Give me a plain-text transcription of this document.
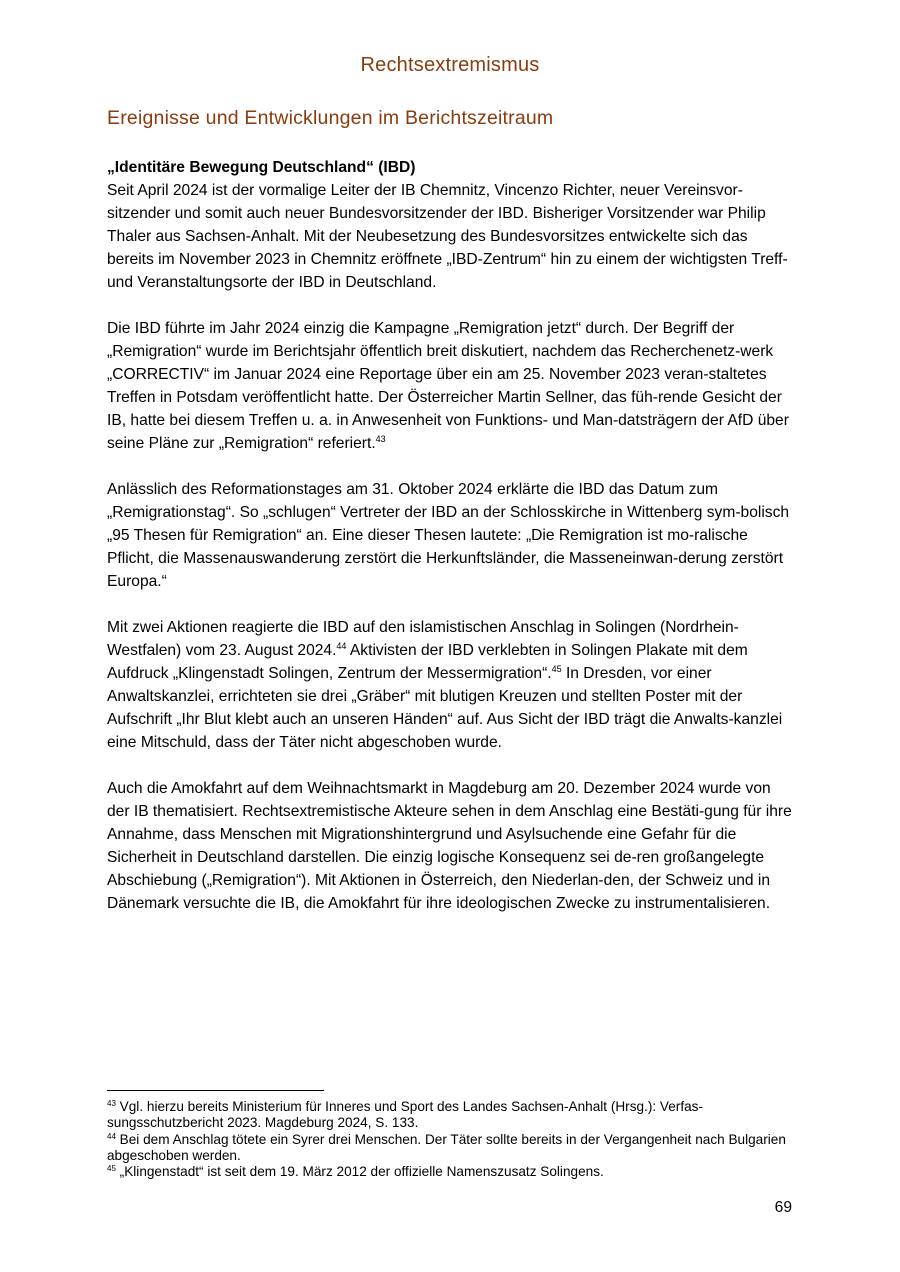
Rechtsextremismus
Ereignisse und Entwicklungen im Berichtszeitraum
„Identitäre Bewegung Deutschland“ (IBD)

Seit April 2024 ist der vormalige Leiter der IB Chemnitz, Vincenzo Richter, neuer Vereinsvor-sitzender und somit auch neuer Bundesvorsitzender der IBD. Bisheriger Vorsitzender war Philip Thaler aus Sachsen-Anhalt. Mit der Neubesetzung des Bundesvorsitzes entwickelte sich das bereits im November 2023 in Chemnitz eröffnete „IBD-Zentrum“ hin zu einem der wichtigsten Treff- und Veranstaltungsorte der IBD in Deutschland.

Die IBD führte im Jahr 2024 einzig die Kampagne „Remigration jetzt“ durch. Der Begriff der „Remigration“ wurde im Berichtsjahr öffentlich breit diskutiert, nachdem das Recherchenetz-werk „CORRECTIV“ im Januar 2024 eine Reportage über ein am 25. November 2023 veran-staltetes Treffen in Potsdam veröffentlicht hatte. Der Österreicher Martin Sellner, das füh-rende Gesicht der IB, hatte bei diesem Treffen u. a. in Anwesenheit von Funktions- und Man-datsträgern der AfD über seine Pläne zur „Remigration“ referiert.$^{43}$

Anlässlich des Reformationstages am 31. Oktober 2024 erklärte die IBD das Datum zum „Remigrationstag“. So „schlugen“ Vertreter der IBD an der Schlosskirche in Wittenberg sym-bolisch „95 Thesen für Remigration“ an. Eine dieser Thesen lautete: „Die Remigration ist mo-ralische Pflicht, die Massenauswanderung zerstört die Herkunftsländer, die Masseneinwan-derung zerstört Europa.“

Mit zwei Aktionen reagierte die IBD auf den islamistischen Anschlag in Solingen (Nordrhein-Westfalen) vom 23. August 2024.44 Aktivisten der IBD verklebten in Solingen Plakate mit dem Aufdruck „Klingenstadt Solingen, Zentrum der Messermigration“.$^{45}$ In Dresden, vor einer Anwaltskanzlei, errichteten sie drei „Gräber“ mit blutigen Kreuzen und stellten Poster mit der Aufschrift „Ihr Blut klebt auch an unseren Händen“ auf. Aus Sicht der IBD trägt die Anwalts-kanzlei eine Mitschuld, dass der Täter nicht abgeschoben wurde.

Auch die Amokfahrt auf dem Weihnachtsmarkt in Magdeburg am 20. Dezember 2024 wurde von der IB thematisiert. Rechtsextremistische Akteure sehen in dem Anschlag eine Bestäti-gung für ihre Annahme, dass Menschen mit Migrationshintergrund und Asylsuchende eine Gefahr für die Sicherheit in Deutschland darstellen. Die einzig logische Konsequenz sei de-ren großangelegte Abschiebung („Remigration“). Mit Aktionen in Österreich, den Niederlan-den, der Schweiz und in Dänemark versuchte die IB, die Amokfahrt für ihre ideologischen Zwecke zu instrumentalisieren.

$^{43}$ Vgl. hierzu bereits Ministerium für Inneres und Sport des Landes Sachsen-Anhalt (Hrsg.): Verfas-sungsschutzbericht 2023. Magdeburg 2024, S. 133.

$^{44}$ Bei dem Anschlag tötete ein Syrer drei Menschen. Der Täter sollte bereits in der Vergangenheit nach Bulgarien abgeschoben werden.

$^{45}$ „Klingenstadt“ ist seit dem 19. März 2012 der offizielle Namenszusatz Solingens.

69
